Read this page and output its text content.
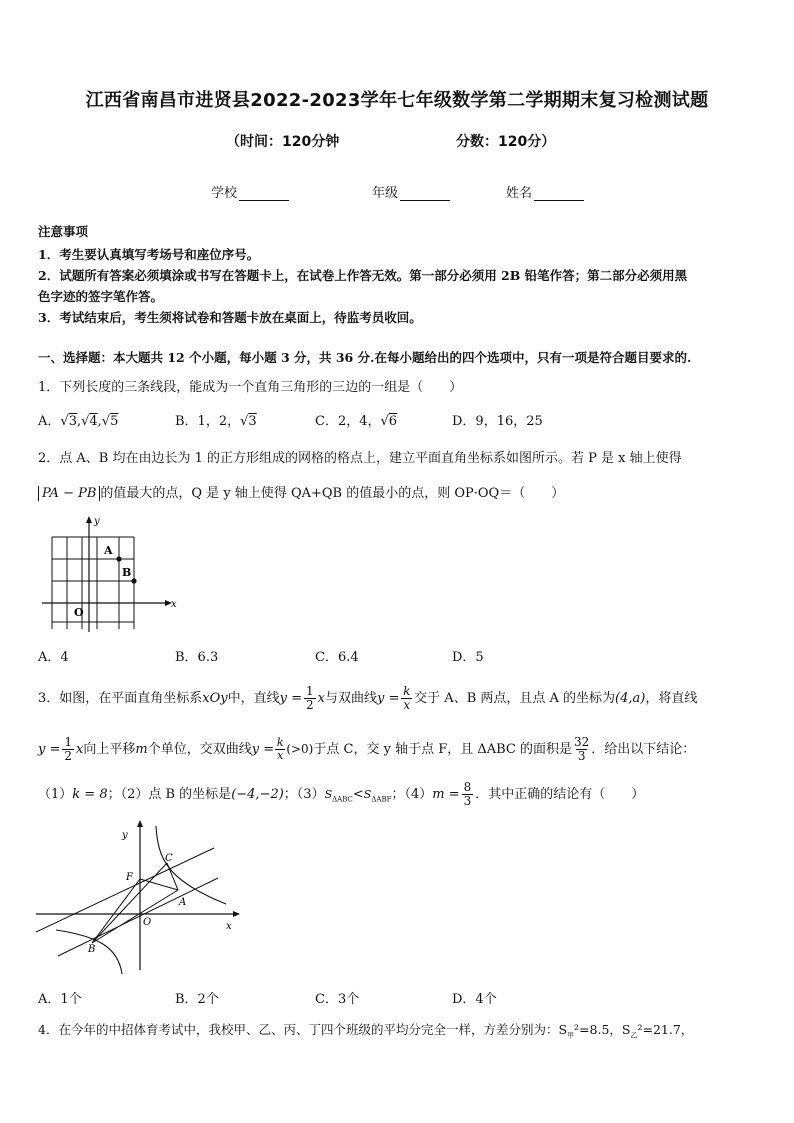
江西省南昌市进贤县2022-2023学年七年级数学第二学期期末复习检测试题
（时间：120分钟	分数：120分）
学校	年级	姓名
注意事项
1．考生要认真填写考场号和座位序号。
2．试题所有答案必须填涂或书写在答题卡上，在试卷上作答无效。第一部分必须用 2B 铅笔作答；第二部分必须用黑
色字迹的签字笔作答。
3．考试结束后，考生须将试卷和答题卡放在桌面上，待监考员收回。
一、选择题：本大题共 12 个小题，每小题 3 分，共 36 分.在每小题给出的四个选项中，只有一项是符合题目要求的.
1．下列长度的三条线段，能成为一个直角三角形的三边的一组是（　　）
A．√3,√4,√5	B．1，2，√3	C．2，4，√6	D．9，16，25
2．点 A、B 均在由边长为 1 的正方形组成的网格的格点上，建立平面直角坐标系如图所示。若 P 是 x 轴上使得
PA − PB 的值最大的点，Q 是 y 轴上使得 QA+QB 的值最小的点，则 OP·OQ＝（　　）
A
B
O
x
y
A．4	B．6.3	C．6.4	D．5
3．如图，在平面直角坐标系xOy中，直线$y = \frac{1}{2}$ x与双曲线$y = \frac{k}{x}$ 交于 A、B 两点，且点 A 的坐标为(4,a)，将直线
$y = \frac{1}{2}$ x向上平移m个单位，交双曲线$y =\frac{k}{x}(>0)$于点 C，交 y 轴于点 F，且 ΔABC 的面积是 $\frac{32}{3}$ ．给出以下结论：
（1）k = 8；（2）点 B 的坐标是(−4,−2)；$(3)S_{\Delta ABC}<S_{\Delta ABF}$；$(4)m = \frac{8}{3}$ ．其中正确的结论有（　　）
y
x
O
F
C
A
B
A．1个	B．2个	C．3个	D．4个
4．在今年的中招体育考试中，我校甲、乙、丙、丁四个班级的平均分完全一样，方差分别为：$S_甲^2=8.5$，$S_乙^2=21.7$，
